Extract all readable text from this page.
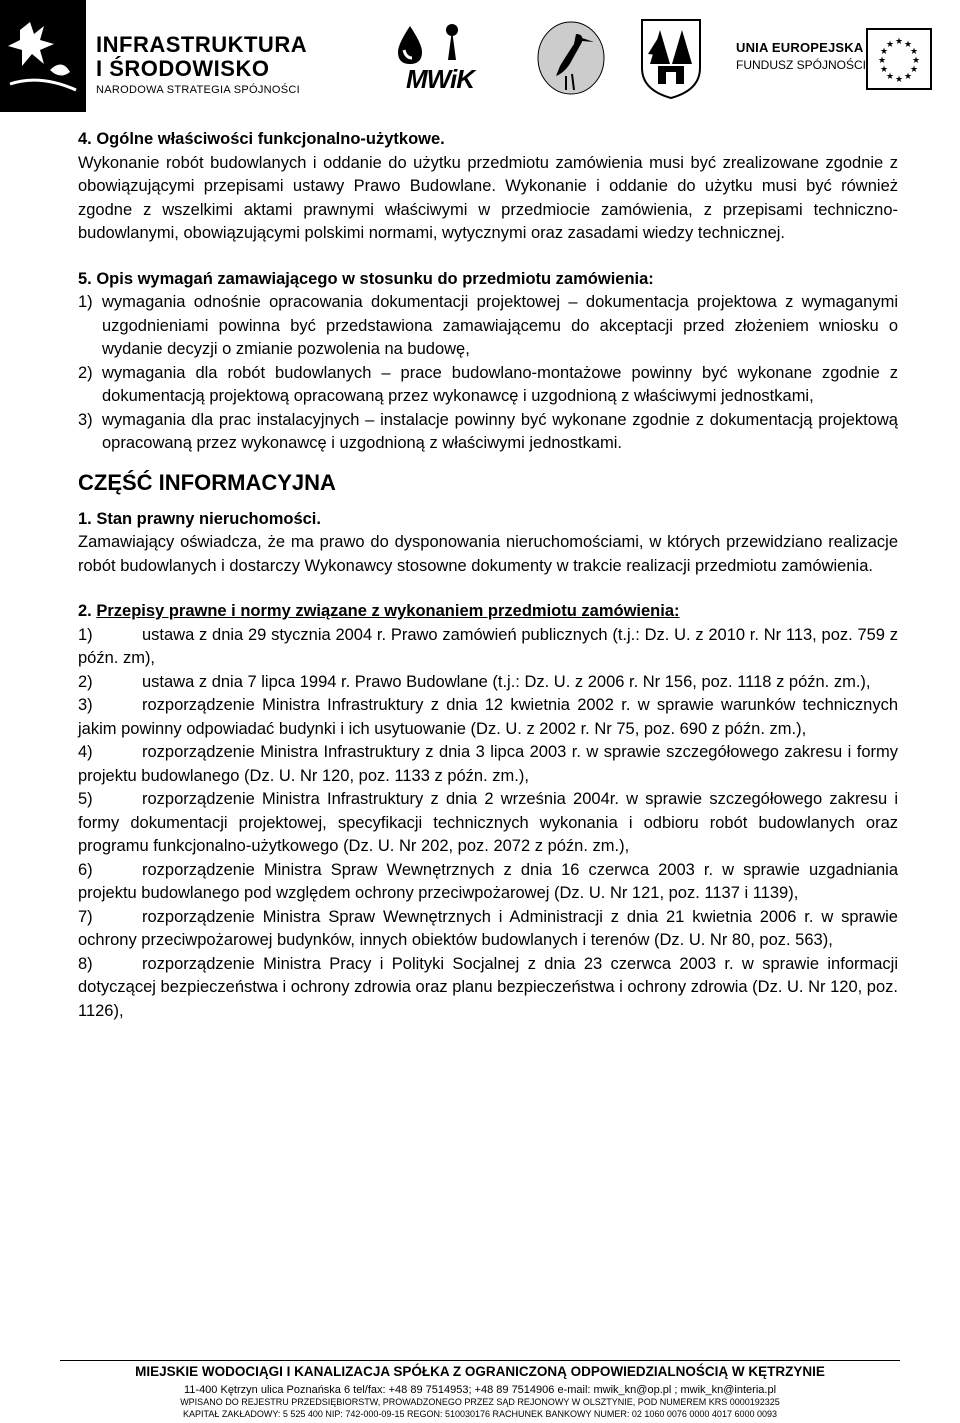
INFRASTRUKTURA
I ŚRODOWISKO
NARODOWA STRATEGIA SPÓJNOŚCI	MWiK
UNIA EUROPEJSKA
FUNDUSZ SPÓJNOŚCI
★ ★
★
★
★
★
★
★
★
★
★
★

4. Ogólne właściwości funkcjonalno-użytkowe.

Wykonanie robót budowlanych i oddanie do użytku przedmiotu zamówienia musi być zrealizowane zgodnie z obowiązującymi przepisami ustawy Prawo Budowlane. Wykonanie i oddanie do użytku musi być również zgodne z wszelkimi aktami prawnymi właściwymi w przedmiocie zamówienia, z przepisami techniczno-budowlanymi, obowiązującymi polskimi normami, wytycznymi oraz zasadami wiedzy technicznej.

5. Opis wymagań zamawiającego w stosunku do przedmiotu zamówienia:

1) wymagania odnośnie opracowania dokumentacji projektowej – dokumentacja projektowa z wymaganymi uzgodnieniami powinna być przedstawiona zamawiającemu do akceptacji przed złożeniem wniosku o wydanie decyzji o zmianie pozwolenia na budowę,
2) wymagania dla robót budowlanych – prace budowlano-montażowe powinny być wykonane zgodnie z dokumentacją projektową opracowaną przez wykonawcę i uzgodnioną z właściwymi jednostkami,
3) wymagania dla prac instalacyjnych – instalacje powinny być wykonane zgodnie z dokumentacją projektową opracowaną przez wykonawcę i uzgodnioną z właściwymi jednostkami.
CZĘŚĆ INFORMACYJNA

1. Stan prawny nieruchomości.

Zamawiający oświadcza, że ma prawo do dysponowania nieruchomościami, w których przewidziano realizacje robót budowlanych i dostarczy Wykonawcy stosowne dokumenty w trakcie realizacji przedmiotu zamówienia.

2. Przepisy prawne i normy związane z wykonaniem przedmiotu zamówienia:

1)	ustawa z dnia 29 stycznia 2004 r. Prawo zamówień publicznych (t.j.: Dz. U. z 2010 r. Nr 113, poz. 759 z późn. zm),
2)	ustawa z dnia 7 lipca 1994 r. Prawo Budowlane (t.j.: Dz. U. z 2006 r. Nr 156, poz. 1118 z późn. zm.),
3)	rozporządzenie Ministra Infrastruktury z dnia 12 kwietnia 2002 r. w sprawie warunków technicznych jakim powinny odpowiadać budynki i ich usytuowanie (Dz. U. z 2002 r. Nr 75, poz. 690 z późn. zm.),
4)	rozporządzenie Ministra Infrastruktury z dnia 3 lipca 2003 r. w sprawie szczegółowego zakresu i formy projektu budowlanego (Dz. U. Nr 120, poz. 1133 z późn. zm.),
5)	rozporządzenie Ministra Infrastruktury z dnia 2 września 2004r. w sprawie szczegółowego zakresu i formy dokumentacji projektowej, specyfikacji technicznych wykonania i odbioru robót budowlanych oraz programu funkcjonalno-użytkowego (Dz. U. Nr 202, poz. 2072 z późn. zm.),
6)	rozporządzenie Ministra Spraw Wewnętrznych z dnia 16 czerwca 2003 r. w sprawie uzgadniania projektu budowlanego pod względem ochrony przeciwpożarowej (Dz. U. Nr 121, poz. 1137 i 1139),
7)	rozporządzenie Ministra Spraw Wewnętrznych i Administracji z dnia 21 kwietnia 2006 r. w sprawie ochrony przeciwpożarowej budynków, innych obiektów budowlanych i terenów (Dz. U. Nr 80, poz. 563),
8)	rozporządzenie Ministra Pracy i Polityki Socjalnej z dnia 23 czerwca 2003 r. w sprawie informacji dotyczącej bezpieczeństwa i ochrony zdrowia oraz planu bezpieczeństwa i ochrony zdrowia (Dz. U. Nr 120, poz. 1126),
MIEJSKIE WODOCIĄGI I KANALIZACJA SPÓŁKA Z OGRANICZONĄ ODPOWIEDZIALNOŚCIĄ W KĘTRZYNIE
11-400 Kętrzyn ulica Poznańska 6 tel/fax: +48 89 7514953; +48 89 7514906 e-mail: mwik_kn@op.pl ; mwik_kn@interia.pl
WPISANO DO REJESTRU PRZEDSIĘBIORSTW, PROWADZONEGO PRZEZ SĄD REJONOWY W OLSZTYNIE, POD NUMEREM KRS 0000192325
KAPITAŁ ZAKŁADOWY: 5 525 400 NIP: 742-000-09-15 REGON: 510030176 RACHUNEK BANKOWY NUMER: 02 1060 0076 0000 4017 6000 0093
